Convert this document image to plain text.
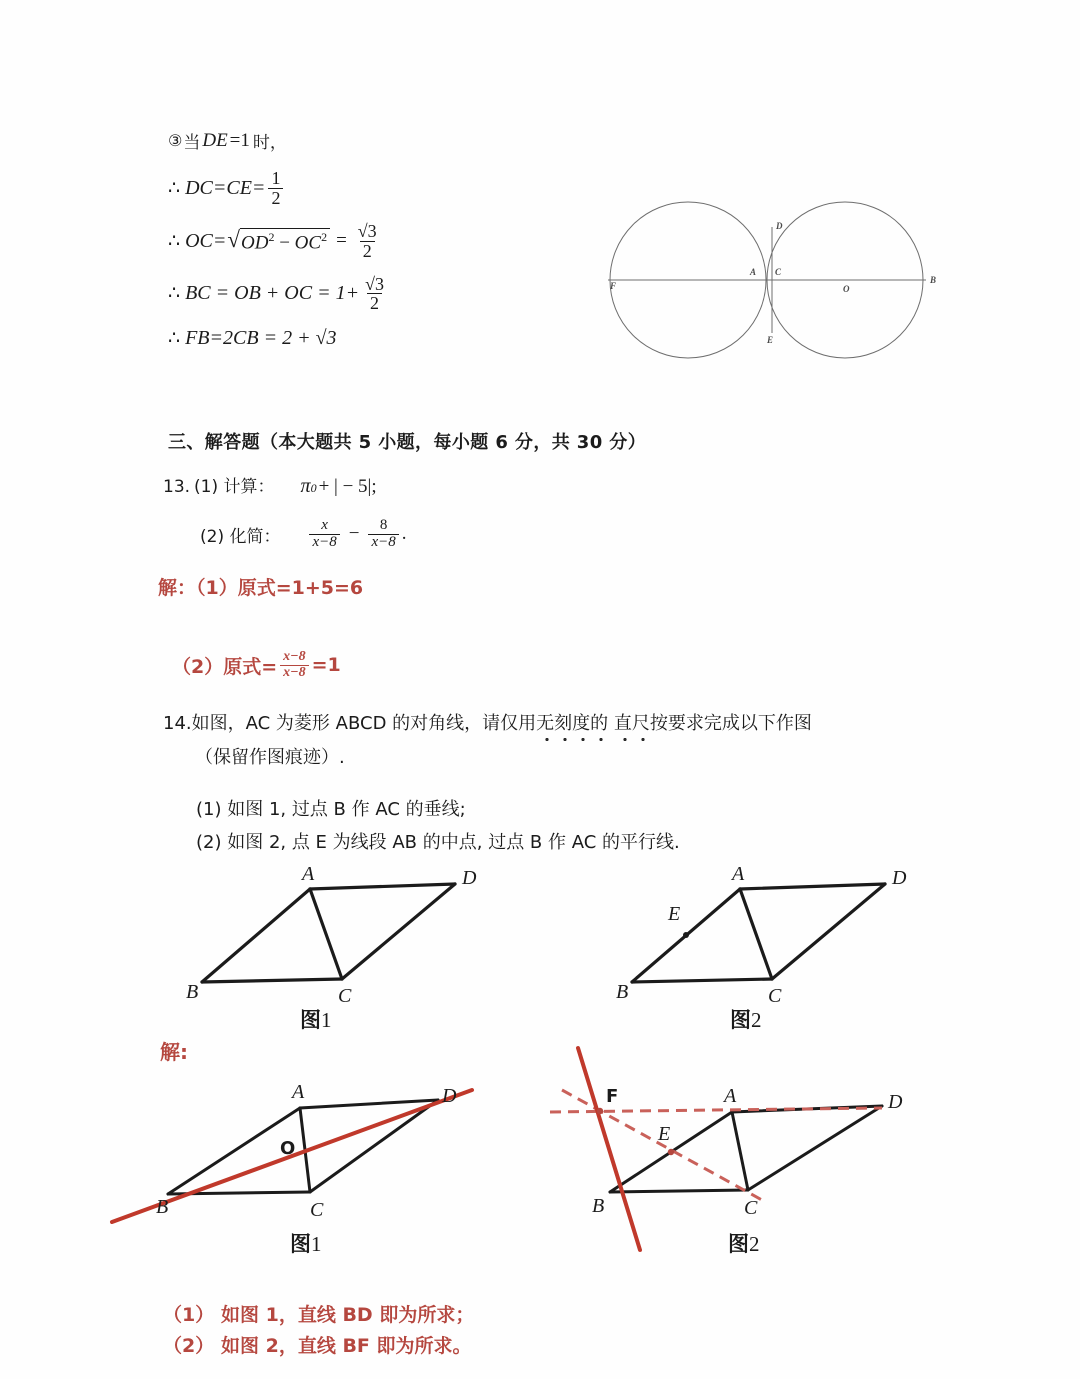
③ 当 DE =1 时，
∴ $DC=CE= \frac{1}{2}$
∴ OC= √ $OD^2 - OC^2 = \frac{√3}{2}$
∴ BC = OB + OC = $1+ \frac{√3}{2}$
∴ FB=2CB = 2 + √3
F
A C
D
E
O
B
三、解答题（本大题共 5 小题，每小题 6 分，共 30 分）
13. (1) 计算： π 0 + | − 5|;
(2) 化简： $\frac{x}{x-8} - \frac{8}{x-8}$ .
解：（1）原式=1+5=6
（2）原式= $\frac{x-8}{x-8} =1$
14.如图，AC 为菱形 ABCD 的对角线，请仅用无刻度的 直尺按要求完成以下作图
（保留作图痕迹）.
(1) 如图 1, 过点 B 作 AC 的垂线;
(2) 如图 2, 点 E 为线段 AB 的中点, 过点 B 作 AC 的平行线.
A	D
B	C
图1
A	D
B	C
E
图2
解:
A	D
B	C
O
图1
F	A	D
B	C
E
图2
（1） 如图 1，直线 BD 即为所求；
（2） 如图 2，直线 BF 即为所求。
